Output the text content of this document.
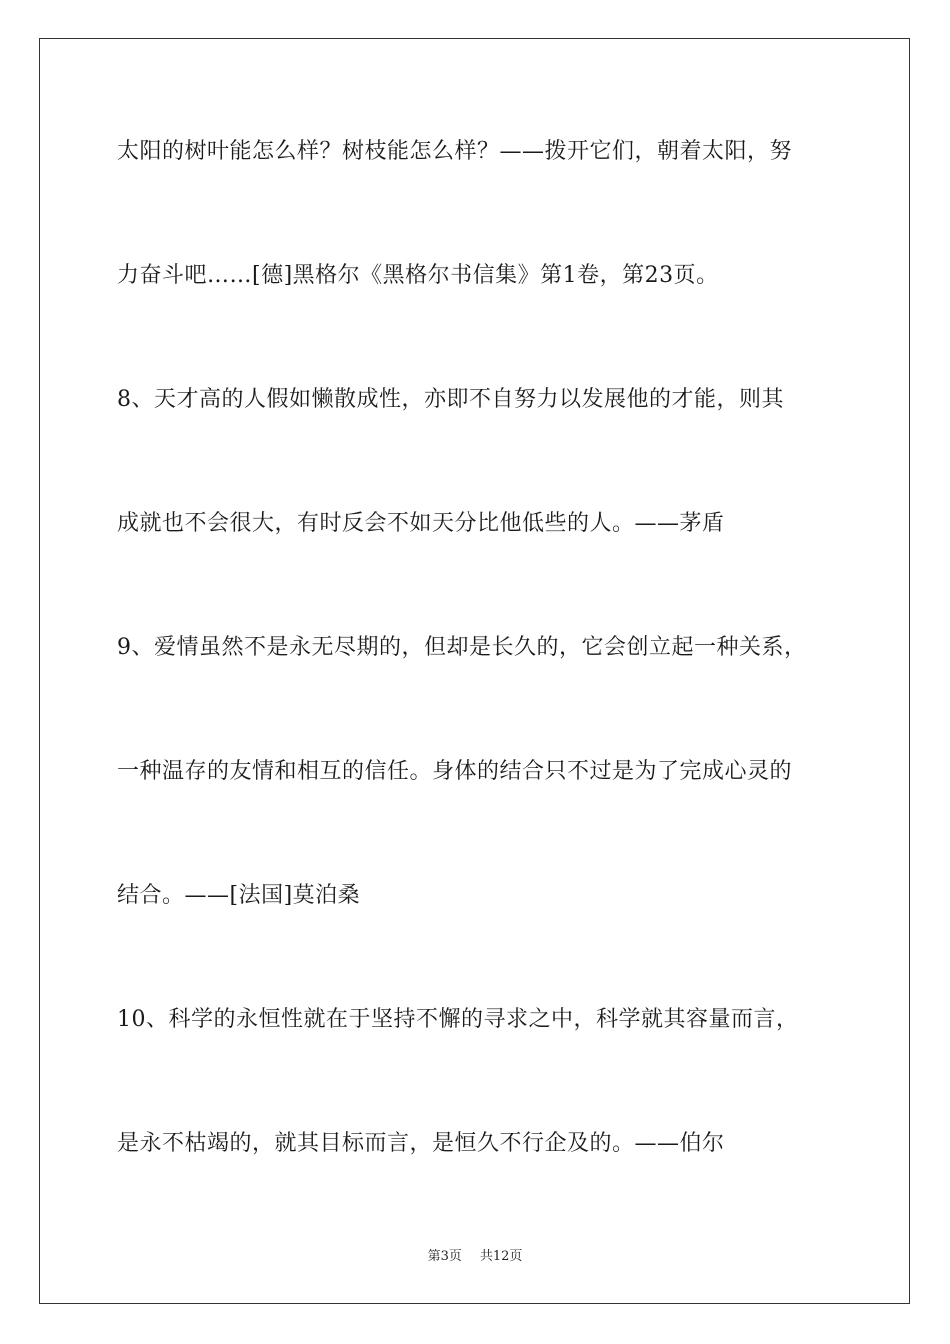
太阳的树叶能怎么样？树枝能怎么样？——拨开它们，朝着太阳，努
力奋斗吧……[德]黑格尔《黑格尔书信集》第1卷，第23页。
8、天才高的人假如懒散成性，亦即不自努力以发展他的才能，则其
成就也不会很大，有时反会不如天分比他低些的人。——茅盾
9、爱情虽然不是永无尽期的，但却是长久的，它会创立起一种关系，
一种温存的友情和相互的信任。身体的结合只不过是为了完成心灵的
结合。——[法国]莫泊桑
10、科学的永恒性就在于坚持不懈的寻求之中，科学就其容量而言，
是永不枯竭的，就其目标而言，是恒久不行企及的。——伯尔
第3页 共12页
